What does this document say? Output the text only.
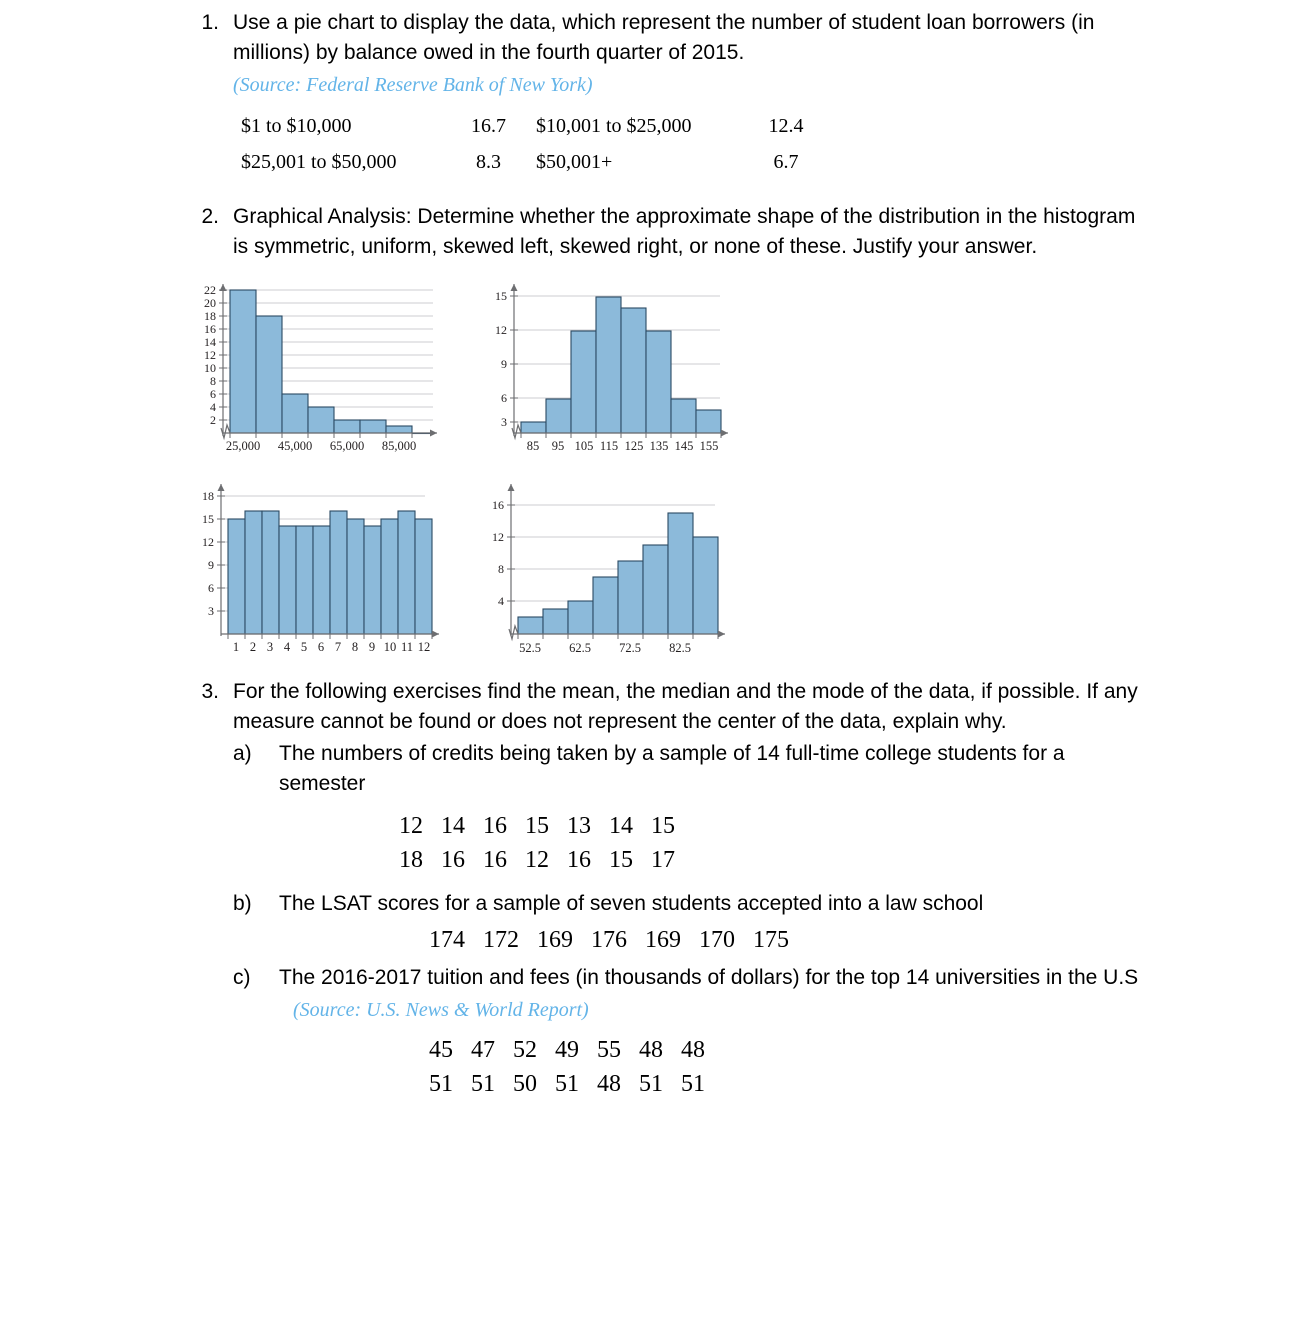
1. Use a pie chart to display the data, which represent the number of student loan borrowers (in millions) by balance owed in the fourth quarter of 2015.

(Source: Federal Reserve Bank of New York)

$1 to $10,000	16.7	$10,001 to $25,000	12.4
$25,001 to $50,000	8.3	$50,001+	6.7
2. Graphical Analysis: Determine whether the approximate shape of the distribution in the histogram is symmetric, uniform, skewed left, skewed right, or none of these. Justify your answer.

22
20
18
16
14
12
10
8
6
4
2
25,000 45,000 65,000 85,000
15
12
9
6
3
85 95 105 115 125 135 145 155
18
15
12
9
6
3
1 2 3 4 5 6 7 8 9 10 11 12
16
12
8
4
52.5 62.5 72.5 82.5
3. For the following exercises find the mean, the median and the mode of the data, if possible. If any measure cannot be found or does not represent the center of the data, explain why.

a)	The numbers of credits being taken by a sample of 14 full-time college students for a semester
12   14   16   15   13   14   15
18   16   16   12   16   15   17
b)	The LSAT scores for a sample of seven students accepted into a law school
174   172   169   176   169   170   175
c)	The 2016-2017 tuition and fees (in thousands of dollars) for the top 14 universities in the U.S
(Source: U.S. News & World Report)
45   47   52   49   55   48   48
51   51   50   51   48   51   51
